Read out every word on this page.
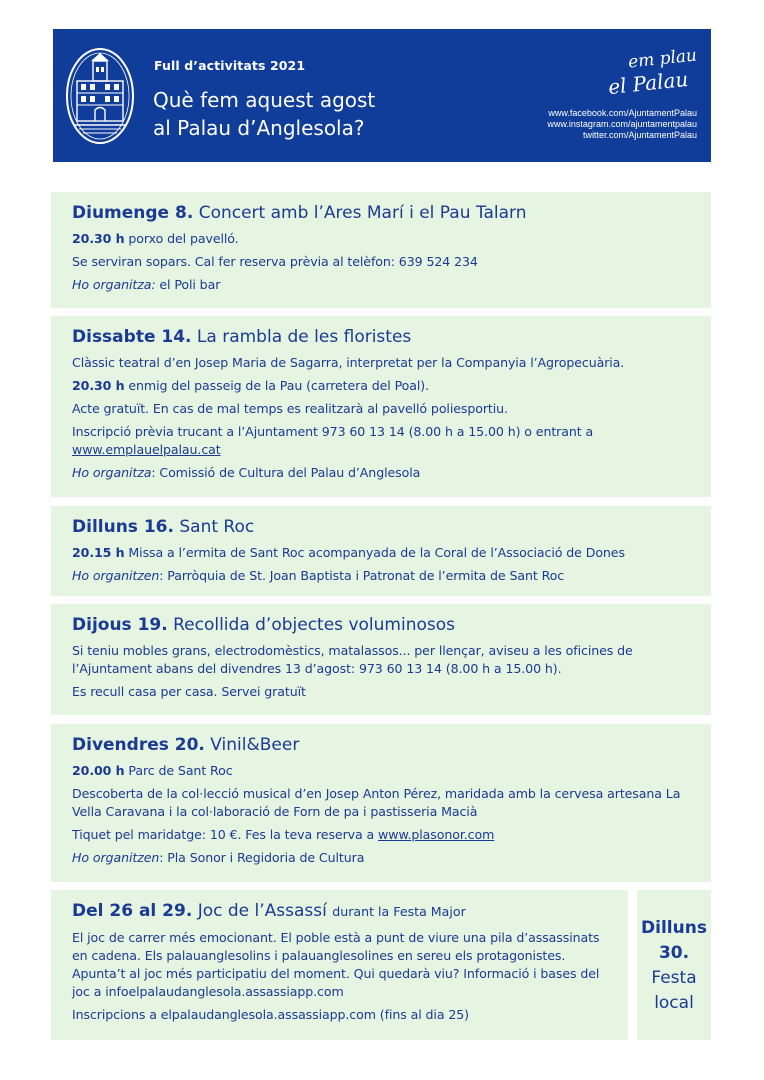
Full d’activitats 2021
Què fem aquest agost
al Palau d’Anglesola?
em plau
el Palau
www.facebook.com/AjuntamentPalau
www.instagram.com/ajuntamentpalau
twitter.com/AjuntamentPalau
Diumenge 8. Concert amb l’Ares Marí i el Pau Talarn

20.30 h porxo del pavelló.

Se serviran sopars. Cal fer reserva prèvia al telèfon: 639 524 234

Ho organitza: el Poli bar

Dissabte 14. La rambla de les floristes

Clàssic teatral d’en Josep Maria de Sagarra, interpretat per la Companyia l’Agropecuària.

20.30 h enmig del passeig de la Pau (carretera del Poal).

Acte gratuït. En cas de mal temps es realitzarà al pavelló poliesportiu.

Inscripció prèvia trucant a l’Ajuntament 973 60 13 14 (8.00 h a 15.00 h) o entrant a
www.emplauelpalau.cat

Ho organitza: Comissió de Cultura del Palau d’Anglesola

Dilluns 16. Sant Roc

20.15 h Missa a l’ermita de Sant Roc acompanyada de la Coral de l’Associació de Dones

Ho organitzen: Parròquia de St. Joan Baptista i Patronat de l’ermita de Sant Roc

Dijous 19. Recollida d’objectes voluminosos

Si teniu mobles grans, electrodomèstics, matalassos... per llençar, aviseu a les oficines de l’Ajuntament abans del divendres 13 d’agost: 973 60 13 14 (8.00 h a 15.00 h).

Es recull casa per casa. Servei gratuït

Divendres 20. Vinil&Beer

20.00 h Parc de Sant Roc

Descoberta de la col·lecció musical d’en Josep Anton Pérez, maridada amb la cervesa artesana La Vella Caravana i la col·laboració de Forn de pa i pastisseria Macià

Tiquet pel maridatge: 10 €. Fes la teva reserva a www.plasonor.com

Ho organitzen: Pla Sonor i Regidoria de Cultura

Del 26 al 29. Joc de l’Assassí durant la Festa Major

El joc de carrer més emocionant. El poble està a punt de viure una pila d’assassinats en cadena. Els palauanglesolins i palauanglesolines en sereu els protagonistes. Apunta’t al joc més participatiu del moment. Qui quedarà viu? Informació i bases del joc a infoelpalaudanglesola.assassiapp.com

Inscripcions a elpalaudanglesola.assassiapp.com (fins al dia 25)

Dilluns
30.
Festa
local
